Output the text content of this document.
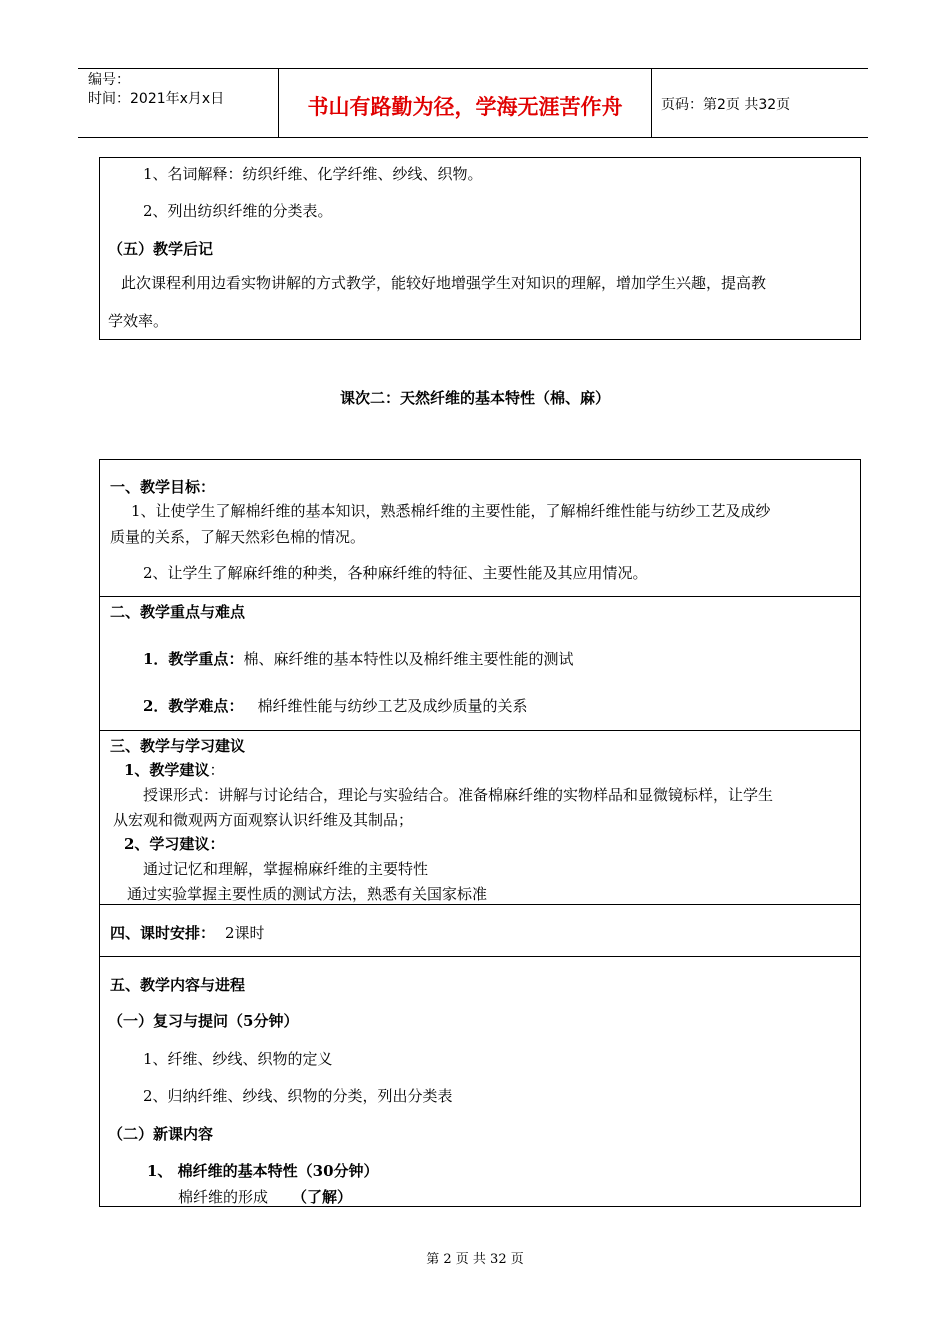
编号：
时间：2021年x月x日	书山有路勤为径，学海无涯苦作舟	页码：第2页 共32页
1、名词解释：纺织纤维、化学纤维、纱线、织物。
2、列出纺织纤维的分类表。
（五）教学后记
此次课程利用边看实物讲解的方式教学，能较好地增强学生对知识的理解，增加学生兴趣，提高教
学效率。
课次二：天然纤维的基本特性（棉、麻）
一、教学目标：
1、让使学生了解棉纤维的基本知识，熟悉棉纤维的主要性能，了解棉纤维性能与纺纱工艺及成纱
质量的关系，了解天然彩色棉的情况。
2、让学生了解麻纤维的种类，各种麻纤维的特征、主要性能及其应用情况。
二、教学重点与难点
1．教学重点：棉、麻纤维的基本特性以及棉纤维主要性能的测试
2．教学难点： 棉纤维性能与纺纱工艺及成纱质量的关系
三、教学与学习建议
1、教学建议：
授课形式：讲解与讨论结合，理论与实验结合。准备棉麻纤维的实物样品和显微镜标样，让学生
从宏观和微观两方面观察认识纤维及其制品；
2、学习建议：
通过记忆和理解，掌握棉麻纤维的主要特性
通过实验掌握主要性质的测试方法，熟悉有关国家标准
四、课时安排： 2课时
五、教学内容与进程
（一）复习与提问（5分钟）
1、纤维、纱线、织物的定义
2、归纳纤维、纱线、织物的分类，列出分类表
（二）新课内容
1、 棉纤维的基本特性（30分钟）
棉纤维的形成 （了解）
第 2 页 共 32 页
